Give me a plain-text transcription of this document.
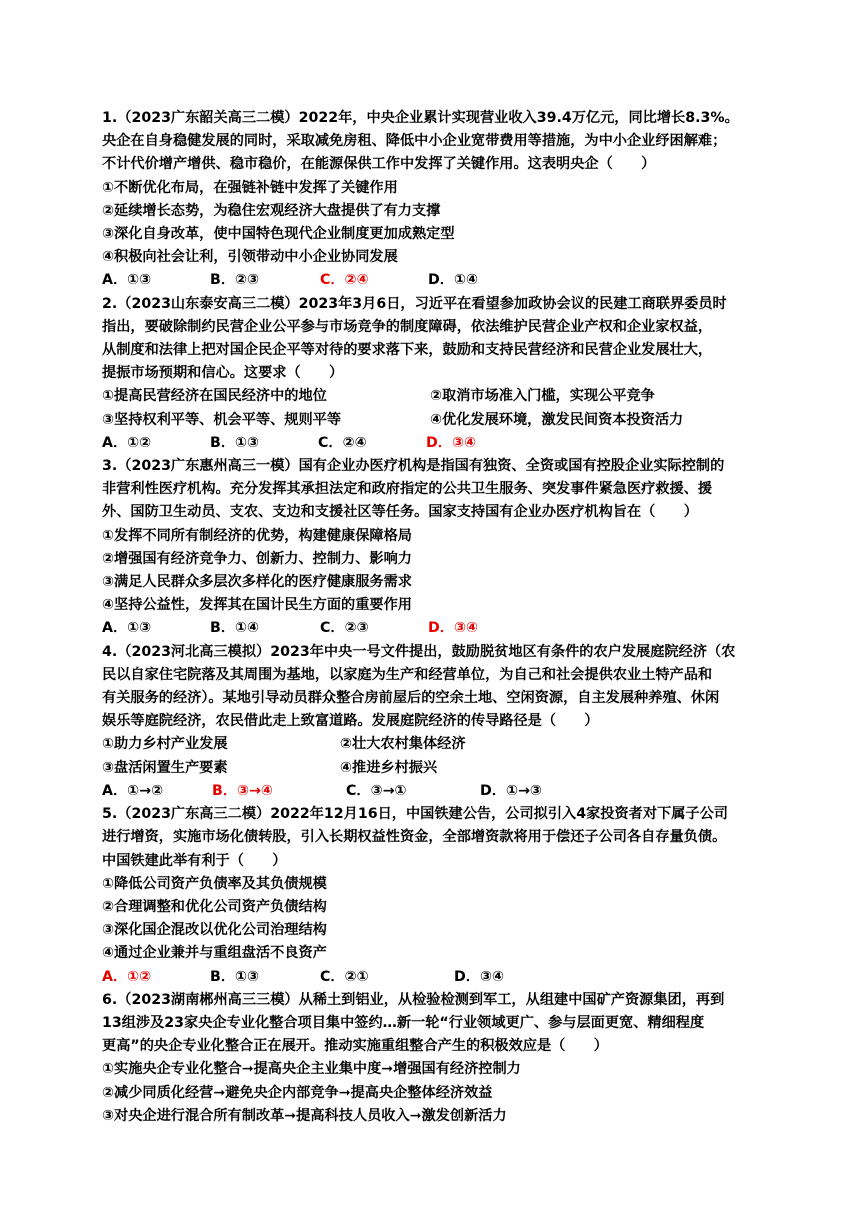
1.（2023广东韶关高三二模）2022年，中央企业累计实现营业收入39.4万亿元，同比增长8.3%。
央企在自身稳健发展的同时，采取减免房租、降低中小企业宽带费用等措施，为中小企业纾困解难；
不计代价增产增供、稳市稳价，在能源保供工作中发挥了关键作用。这表明央企（　　）
①不断优化布局，在强链补链中发挥了关键作用
②延续增长态势，为稳住宏观经济大盘提供了有力支撑
③深化自身改革，使中国特色现代企业制度更加成熟定型
④积极向社会让利，引领带动中小企业协同发展
A．①③	B．②③	C．②④	D．①④
2.（2023山东泰安高三二模）2023年3月6日，习近平在看望参加政协会议的民建工商联界委员时
指出，要破除制约民营企业公平参与市场竞争的制度障碍，依法维护民营企业产权和企业家权益，
从制度和法律上把对国企民企平等对待的要求落下来，鼓励和支持民营经济和民营企业发展壮大，
提振市场预期和信心。这要求（　　）
①提高民营经济在国民经济中的地位	②取消市场准入门槛，实现公平竞争
③坚持权利平等、机会平等、规则平等	④优化发展环境，激发民间资本投资活力
A．①②	B．①③	C．②④	D．③④
3.（2023广东惠州高三一模）国有企业办医疗机构是指国有独资、全资或国有控股企业实际控制的
非营利性医疗机构。充分发挥其承担法定和政府指定的公共卫生服务、突发事件紧急医疗救援、援
外、国防卫生动员、支农、支边和支援社区等任务。国家支持国有企业办医疗机构旨在（　　）
①发挥不同所有制经济的优势，构建健康保障格局
②增强国有经济竞争力、创新力、控制力、影响力
③满足人民群众多层次多样化的医疗健康服务需求
④坚持公益性，发挥其在国计民生方面的重要作用
A．①③	B．①④	C．②③	D．③④
4.（2023河北高三模拟）2023年中央一号文件提出，鼓励脱贫地区有条件的农户发展庭院经济（农
民以自家住宅院落及其周围为基地，以家庭为生产和经营单位，为自己和社会提供农业土特产品和
有关服务的经济）。某地引导动员群众整合房前屋后的空余土地、空闲资源，自主发展种养殖、休闲
娱乐等庭院经济，农民借此走上致富道路。发展庭院经济的传导路径是（　　）
①助力乡村产业发展	②壮大农村集体经济
③盘活闲置生产要素	④推进乡村振兴
A．①→②	B．③→④	C．③→①	D．①→③
5.（2023广东高三二模）2022年12月16日，中国铁建公告，公司拟引入4家投资者对下属子公司
进行增资，实施市场化债转股，引入长期权益性资金，全部增资款将用于偿还子公司各自存量负债。
中国铁建此举有利于（　　）
①降低公司资产负债率及其负债规模
②合理调整和优化公司资产负债结构
③深化国企混改以优化公司治理结构
④通过企业兼并与重组盘活不良资产
A．①②	B．①③	C．②①	D．③④
6.（2023湖南郴州高三三模）从稀土到铝业，从检验检测到军工，从组建中国矿产资源集团，再到
13组涉及23家央企专业化整合项目集中签约…新一轮“行业领域更广、参与层面更宽、精细程度
更高”的央企专业化整合正在展开。推动实施重组整合产生的积极效应是（　　）
①实施央企专业化整合➞提高央企主业集中度➞增强国有经济控制力
②减少同质化经营➞避免央企内部竞争➞提高央企整体经济效益
③对央企进行混合所有制改革➞提高科技人员收入➞激发创新活力
